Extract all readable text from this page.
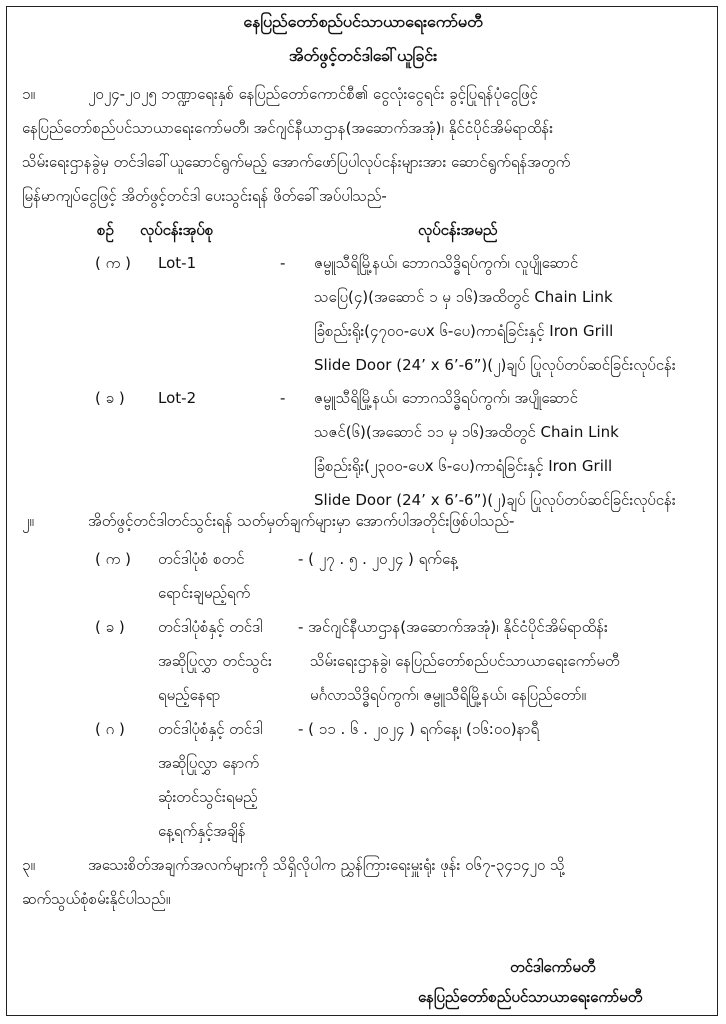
နေပြည်တော်စည်ပင်သာယာရေးကော်မတီ
အိတ်ဖွင့်တင်ဒါခေါ်ယူခြင်း
၁။	၂၀၂၄-၂၀၂၅ ဘဏ္ဍာရေးနှစ် နေပြည်တော်ကောင်စီ၏ ငွေလုံးငွေရင်း ခွင့်ပြုရန်ပုံငွေဖြင့်
နေပြည်တော်စည်ပင်သာယာရေးကော်မတီ၊ အင်ဂျင်နီယာဌာန(အဆောက်အအုံ)၊ နိုင်ငံပိုင်အိမ်ရာထိန်း
သိမ်းရေးဌာနခွဲမှ တင်ဒါခေါ်ယူဆောင်ရွက်မည့် အောက်ဖော်ပြပါလုပ်ငန်းများအား ဆောင်ရွက်ရန်အတွက်
မြန်မာကျပ်ငွေဖြင့် အိတ်ဖွင့်တင်ဒါ ပေးသွင်းရန် ဖိတ်ခေါ်အပ်ပါသည်-
စဉ် လုပ်ငန်းအုပ်စု	လုပ်ငန်းအမည်
( က ) Lot-1	- ဇမ္ဗူသီရိမြို့နယ်၊ ဘောဂသိဒ္ဓိရပ်ကွက်၊ လူပျိုဆောင်
သပြေ(၄)(အဆောင် ၁ မှ ၁၆)အထိတွင် Chain Link
ခြံစည်းရိုး(၄၇၀၀-ပေx ၆-ပေ)ကာရံခြင်းနှင့် Iron Grill
Slide Door (24’ x 6’-6”)(၂)ချပ် ပြုလုပ်တပ်ဆင်ခြင်းလုပ်ငန်း
( ခ ) Lot-2	- ဇမ္ဗူသီရိမြို့နယ်၊ ဘောဂသိဒ္ဓိရပ်ကွက်၊ အပျိုဆောင်
သဇင်(၆)(အဆောင် ၁၁ မှ ၁၆)အထိတွင် Chain Link
ခြံစည်းရိုး(၂၃၀၀-ပေx ၆-ပေ)ကာရံခြင်းနှင့် Iron Grill
Slide Door (24’ x 6’-6”)(၂)ချပ် ပြုလုပ်တပ်ဆင်ခြင်းလုပ်ငန်း
၂။	အိတ်ဖွင့်တင်ဒါတင်သွင်းရန် သတ်မှတ်ချက်များမှာ အောက်ပါအတိုင်းဖြစ်ပါသည်-
( က ) တင်ဒါပုံစံ စတင်
ရောင်းချမည့်ရက်
- ( ၂၇ . ၅ . ၂၀၂၄ ) ရက်နေ့
( ခ ) တင်ဒါပုံစံနှင့် တင်ဒါ
အဆိုပြုလွှာ တင်သွင်း
ရမည့်နေရာ
- အင်ဂျင်နီယာဌာန(အဆောက်အအုံ)၊ နိုင်ငံပိုင်အိမ်ရာထိန်း
သိမ်းရေးဌာနခွဲ၊ နေပြည်တော်စည်ပင်သာယာရေးကော်မတီ
မင်္ဂလာသိဒ္ဓိရပ်ကွက်၊ ဇမ္ဗူသီရိမြို့နယ်၊ နေပြည်တော်။
( ဂ ) တင်ဒါပုံစံနှင့် တင်ဒါ
အဆိုပြုလွှာ နောက်
ဆုံးတင်သွင်းရမည့်
နေ့ရက်နှင့်အချိန်
- ( ၁၁ . ၆ . ၂၀၂၄ ) ရက်နေ့၊ (၁၆:၀၀)နာရီ
၃။	အသေးစိတ်အချက်အလက်များကို သိရှိလိုပါက ညွှန်ကြားရေးမှူးရုံး ဖုန်း ၀၆၇-၃၄၁၄၂၀ သို့
ဆက်သွယ်စုံစမ်းနိုင်ပါသည်။
တင်ဒါကော်မတီ
နေပြည်တော်စည်ပင်သာယာရေးကော်မတီ
